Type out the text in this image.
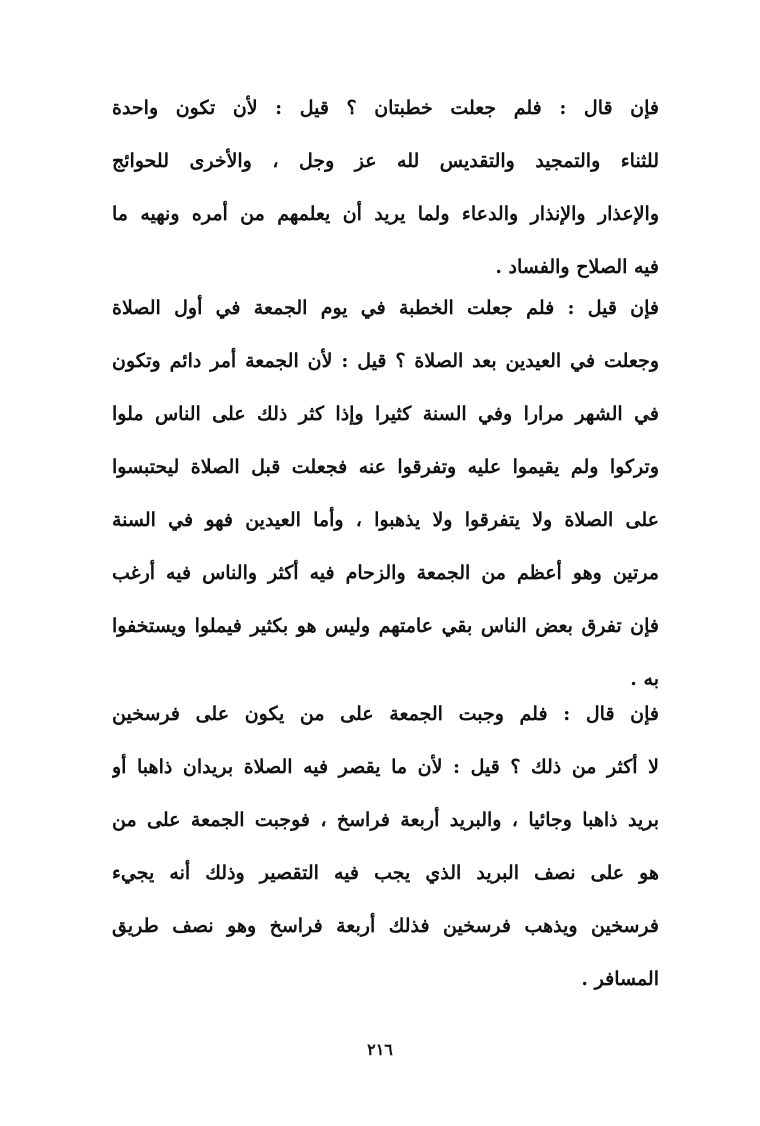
فإن قال : فلم جعلت خطبتان ؟ قيل : لأن تكون واحدة
للثناء والتمجيد والتقديس لله عز وجل ، والأخرى للحوائج
والإعذار والإنذار والدعاء ولما يريد أن يعلمهم من أمره ونهيه ما
فيه الصلاح والفساد .
فإن قيل : فلم جعلت الخطبة في يوم الجمعة في أول الصلاة
وجعلت في العيدين بعد الصلاة ؟ قيل : لأن الجمعة أمر دائم وتكون
في الشهر مرارا وفي السنة كثيرا وإذا كثر ذلك على الناس ملوا
وتركوا ولم يقيموا عليه وتفرقوا عنه فجعلت قبل الصلاة ليحتبسوا
على الصلاة ولا يتفرقوا ولا يذهبوا ، وأما العيدين فهو في السنة
مرتين وهو أعظم من الجمعة والزحام فيه أكثر والناس فيه أرغب
فإن تفرق بعض الناس بقي عامتهم وليس هو بكثير فيملوا ويستخفوا
به .
فإن قال : فلم وجبت الجمعة على من يكون على فرسخين
لا أكثر من ذلك ؟ قيل : لأن ما يقصر فيه الصلاة بريدان ذاهبا أو
بريد ذاهبا وجائيا ، والبريد أربعة فراسخ ، فوجبت الجمعة على من
هو على نصف البريد الذي يجب فيه التقصير وذلك أنه يجيء
فرسخين ويذهب فرسخين فذلك أربعة فراسخ وهو نصف طريق
المسافر .
٢١٦
